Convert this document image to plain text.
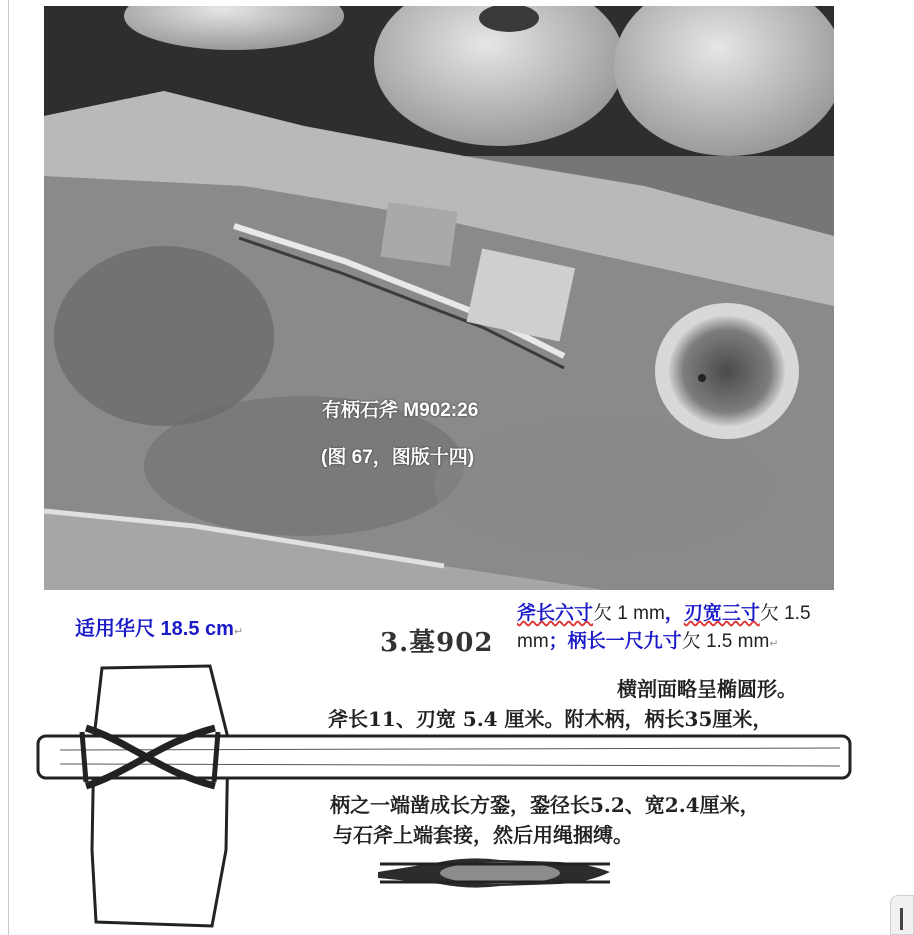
有柄石斧 M902:26
(图 67，图版十四)
适用华尺 18.5 cm↵	3.墓902
斧长六寸欠 1 mm，刃宽三寸欠 1.5 mm；柄长一尺九寸欠 1.5 mm↵
横剖面略呈椭圆形。
斧长11、刃宽 5.4 厘米。附木柄，柄长35厘米，
柄之一端凿成长方銎，銎径长5.2、宽2.4厘米，
与石斧上端套接，然后用绳捆缚。
